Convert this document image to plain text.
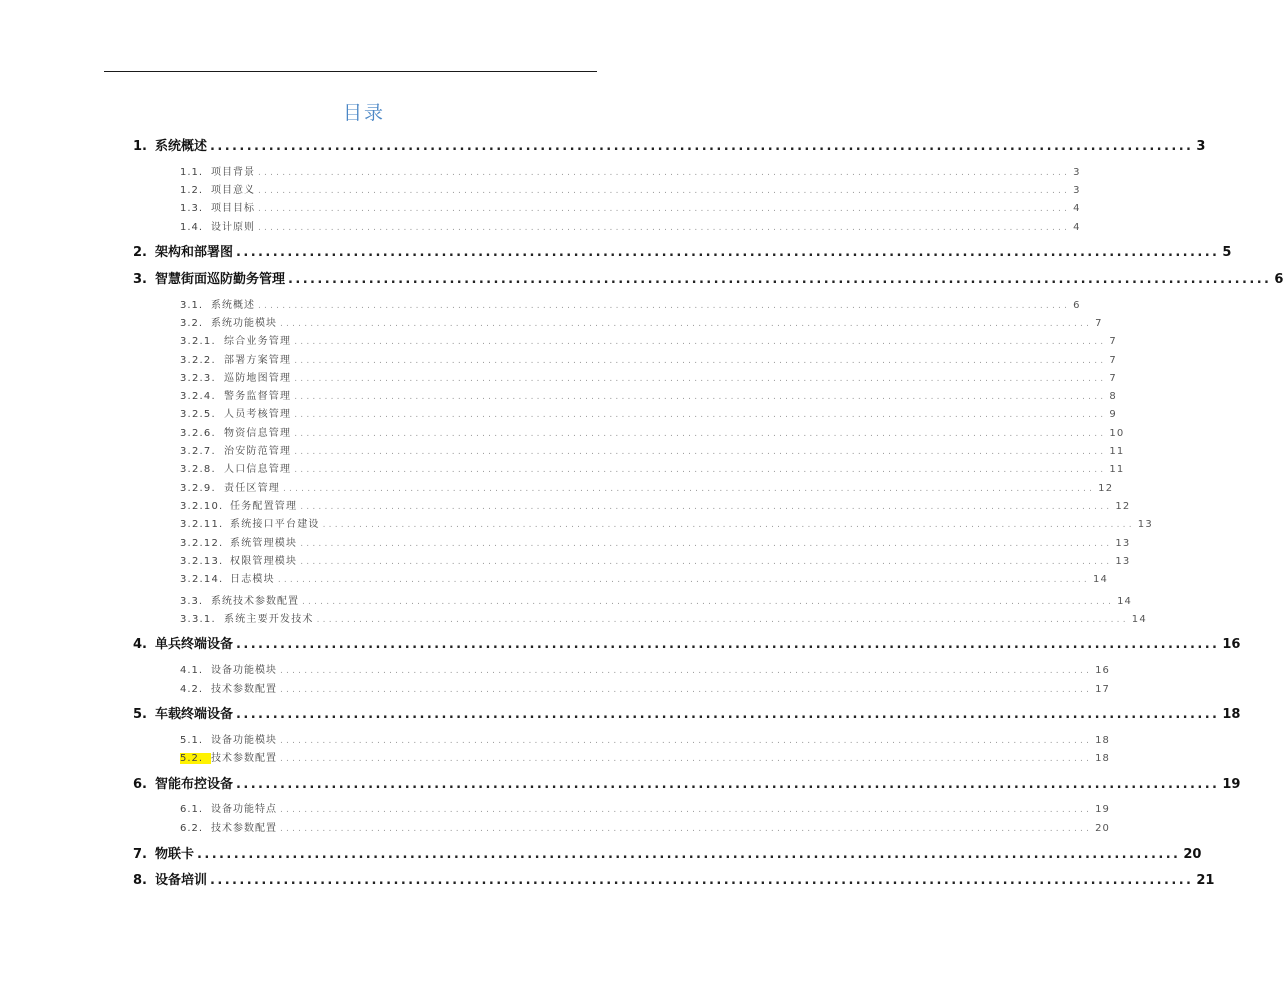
目录
1. 系统概述 ...................................................................................................................................... 3
1.1. 项目背景 ...................................................................................................................................... 3
1.2. 项目意义 ...................................................................................................................................... 3
1.3. 项目目标 ...................................................................................................................................... 4
1.4. 设计原则 ...................................................................................................................................... 4
2. 架构和部署图 ...................................................................................................................................... 5
3. 智慧街面巡防勤务管理 ...................................................................................................................................... 6
3.1. 系统概述 ...................................................................................................................................... 6
3.2. 系统功能模块 ...................................................................................................................................... 7
3.2.1. 综合业务管理 ...................................................................................................................................... 7
3.2.2. 部署方案管理 ...................................................................................................................................... 7
3.2.3. 巡防地图管理 ...................................................................................................................................... 7
3.2.4. 警务监督管理 ...................................................................................................................................... 8
3.2.5. 人员考核管理 ...................................................................................................................................... 9
3.2.6. 物资信息管理 ...................................................................................................................................... 10
3.2.7. 治安防范管理 ...................................................................................................................................... 11
3.2.8. 人口信息管理 ...................................................................................................................................... 11
3.2.9. 责任区管理 ...................................................................................................................................... 12
3.2.10. 任务配置管理 ...................................................................................................................................... 12
3.2.11. 系统接口平台建设 ...................................................................................................................................... 13
3.2.12. 系统管理模块 ...................................................................................................................................... 13
3.2.13. 权限管理模块 ...................................................................................................................................... 13
3.2.14. 日志模块 ...................................................................................................................................... 14
3.3. 系统技术参数配置 ...................................................................................................................................... 14
3.3.1. 系统主要开发技术 ...................................................................................................................................... 14
4. 单兵终端设备 ...................................................................................................................................... 16
4.1. 设备功能模块 ...................................................................................................................................... 16
4.2. 技术参数配置 ...................................................................................................................................... 17
5. 车载终端设备 ...................................................................................................................................... 18
5.1. 设备功能模块 ...................................................................................................................................... 18
5.2. 技术参数配置 ...................................................................................................................................... 18
6. 智能布控设备 ...................................................................................................................................... 19
6.1. 设备功能特点 ...................................................................................................................................... 19
6.2. 技术参数配置 ...................................................................................................................................... 20
7. 物联卡 ...................................................................................................................................... 20
8. 设备培训 ...................................................................................................................................... 21
